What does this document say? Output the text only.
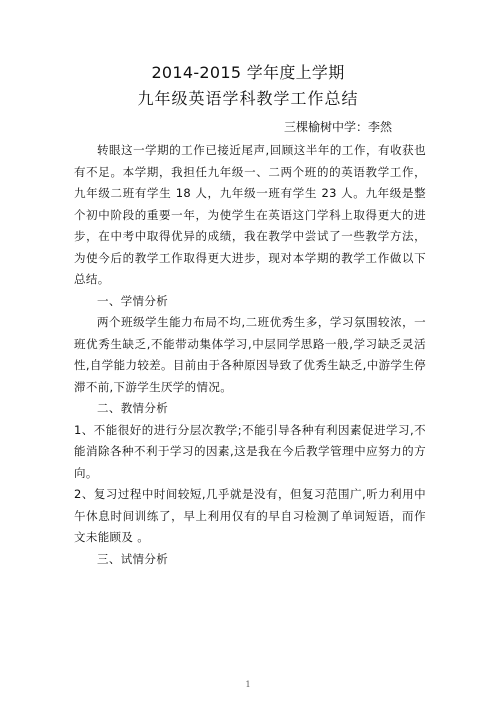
2014-2015 学年度上学期
九年级英语学科教学工作总结
三棵榆树中学：李然

转眼这一学期的工作已接近尾声,回顾这半年的工作，有收获也有不足。本学期，我担任九年级一、二两个班的的英语教学工作，九年级二班有学生 18 人，九年级一班有学生 23 人。九年级是整个初中阶段的重要一年，为使学生在英语这门学科上取得更大的进步，在中考中取得优异的成绩，我在教学中尝试了一些教学方法，为使今后的教学工作取得更大进步，现对本学期的教学工作做以下总结。

一、学情分析

两个班级学生能力布局不均,二班优秀生多，学习氛围较浓，一班优秀生缺乏,不能带动集体学习,中层同学思路一般,学习缺乏灵活性,自学能力较差。目前由于各种原因导致了优秀生缺乏,中游学生停滞不前,下游学生厌学的情况。

二、教情分析

1、不能很好的进行分层次教学;不能引导各种有利因素促进学习,不能消除各种不利于学习的因素,这是我在今后教学管理中应努力的方向。

2、复习过程中时间较短,几乎就是没有，但复习范围广,听力利用中午休息时间训练了，早上利用仅有的早自习检测了单词短语，而作文未能顾及 。

三、试情分析

1
